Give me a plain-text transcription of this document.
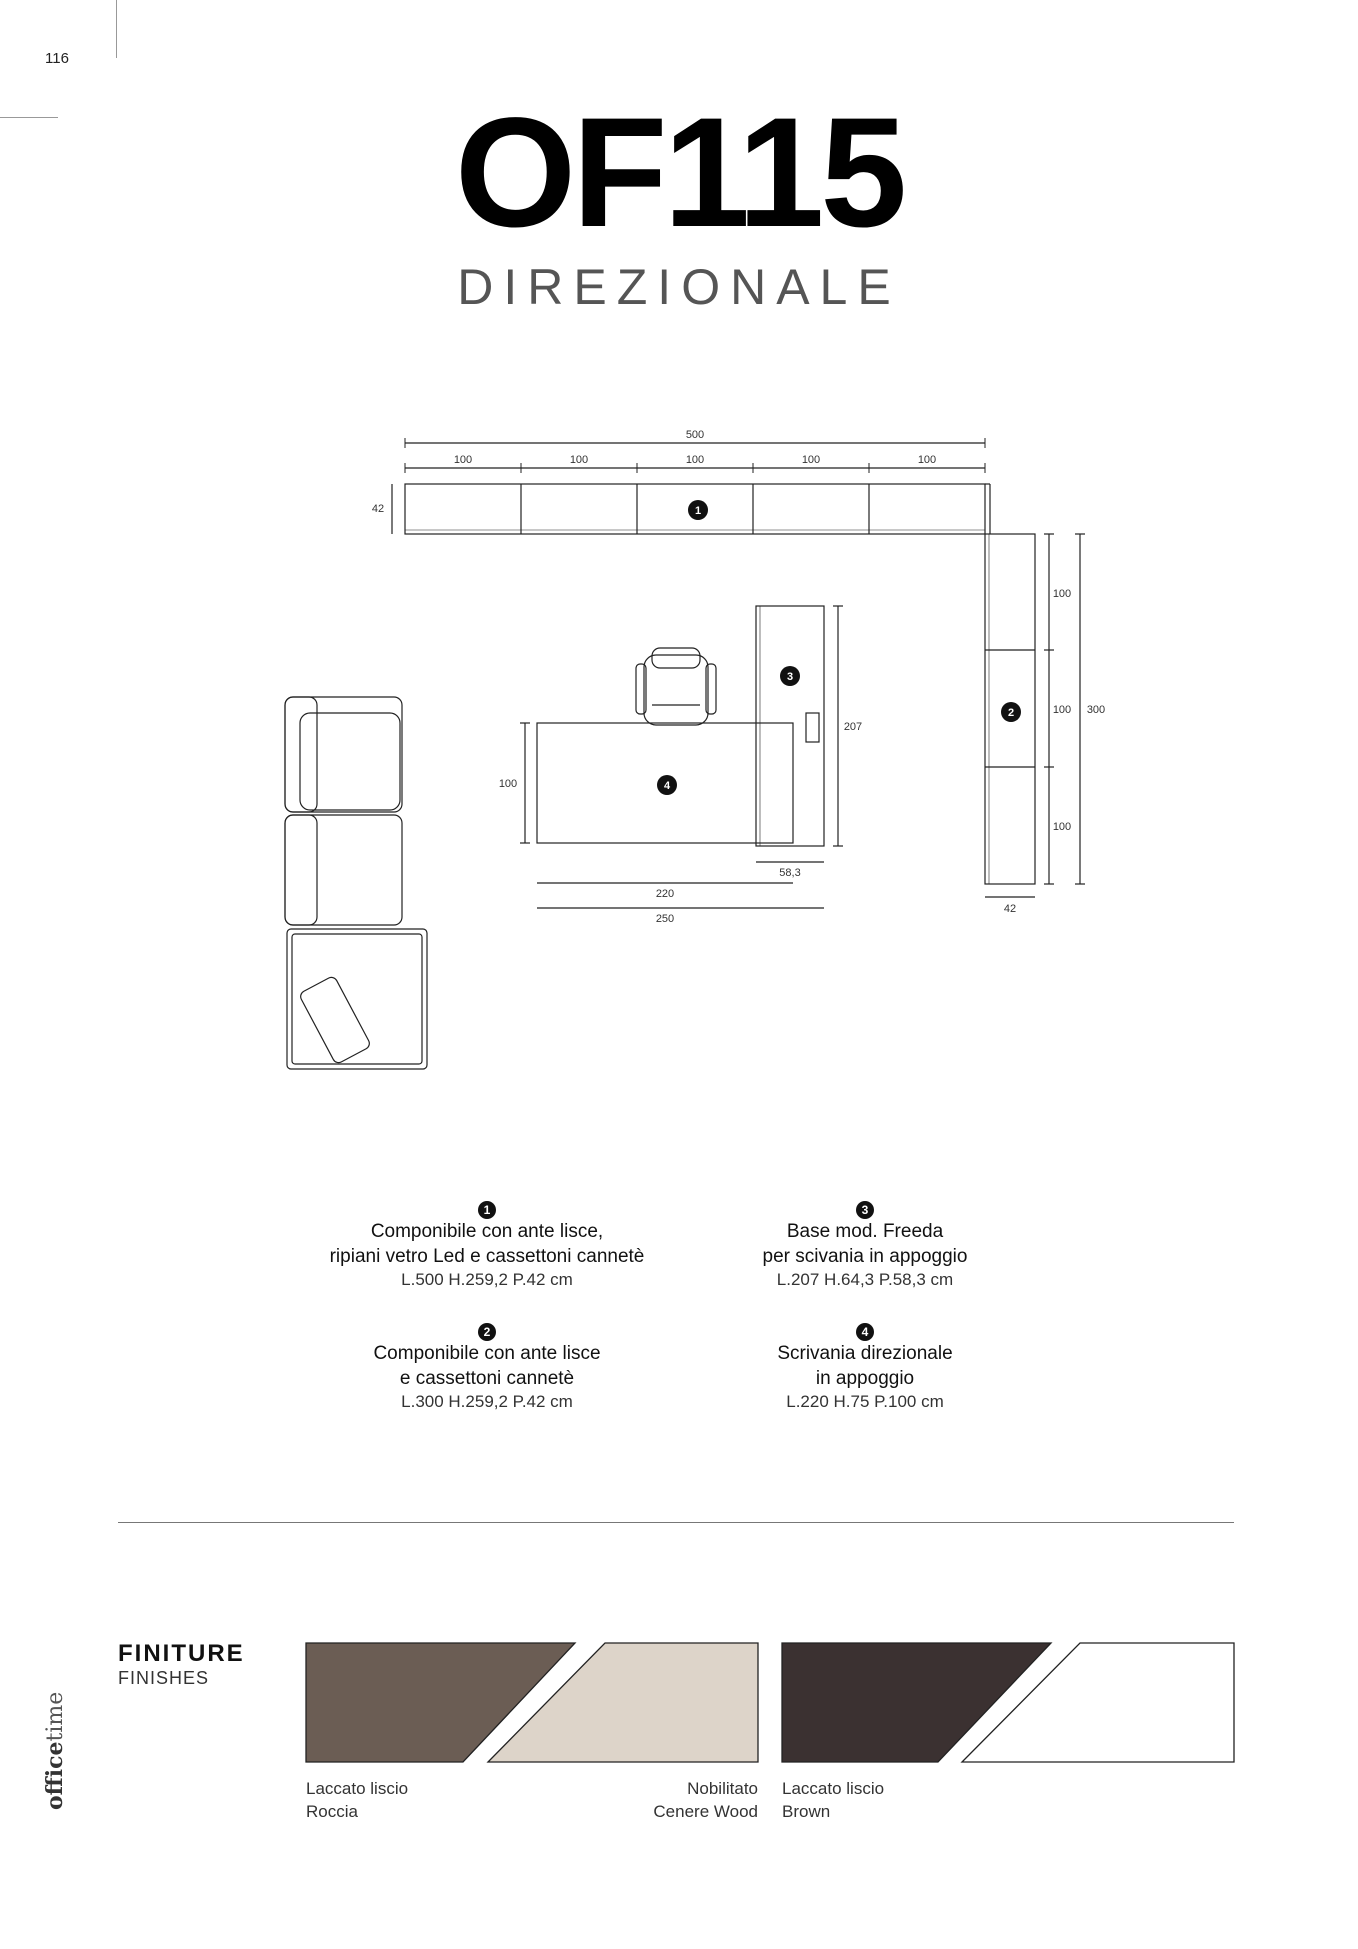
116
OF115
DIREZIONALE
500
100	100	100	100	100
42
100
100
100
300
42
207
100
58,3
220
250
1
2
3
4
1
Componibile con ante lisce,
ripiani vetro Led e cassettoni cannetè
L.500 H.259,2 P.42 cm
3
Base mod. Freeda
per scivania in appoggio
L.207 H.64,3 P.58,3 cm
2
Componibile con ante lisce
e cassettoni cannetè
L.300 H.259,2 P.42 cm
4
Scrivania direzionale
in appoggio
L.220 H.75 P.100 cm
FINITURE
FINISHES
Laccato liscio
Roccia
Nobilitato
Cenere Wood
Laccato liscio
Brown
officetime
